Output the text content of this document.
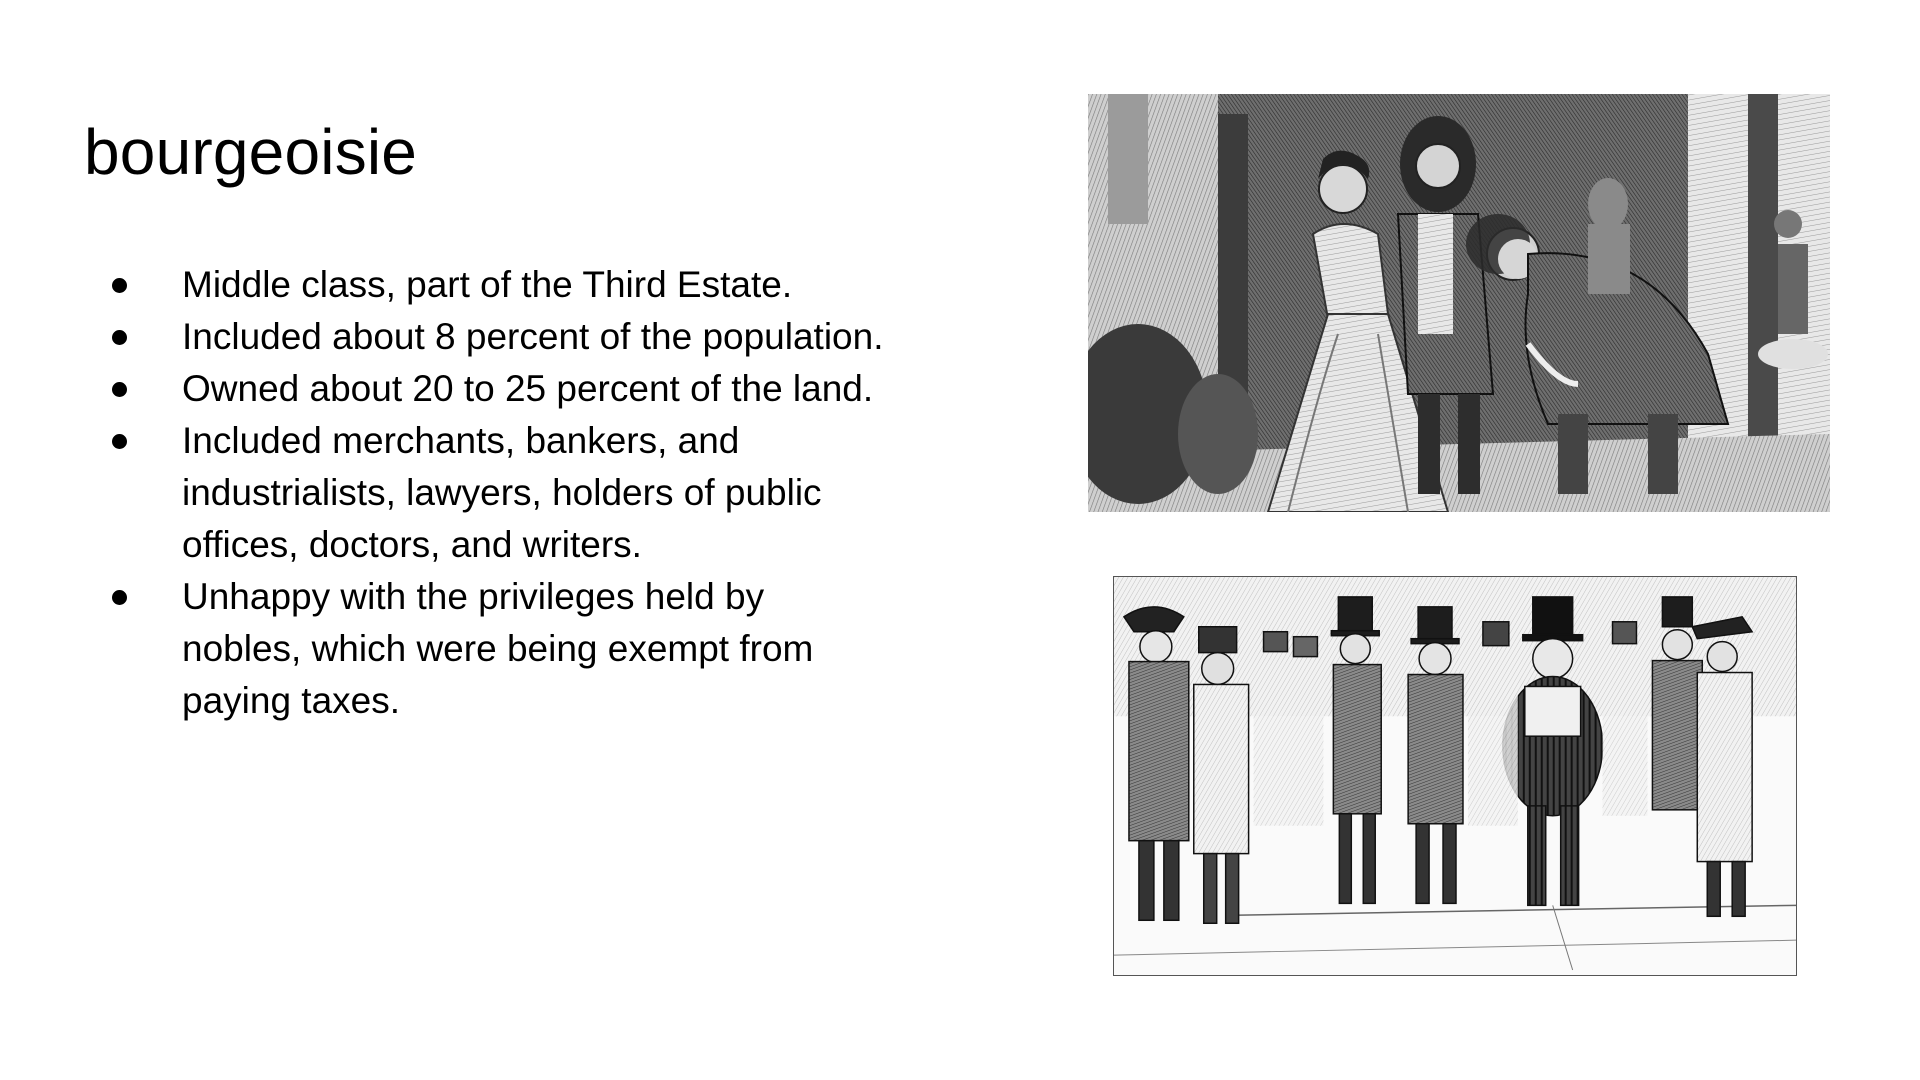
bourgeoisie
Middle class, part of the Third Estate.
Included about 8 percent of the population.
Owned about 20 to 25 percent of the land.
Included merchants, bankers, and
industrialists, lawyers, holders of public
offices, doctors, and writers.
Unhappy with the privileges held by
nobles, which were being exempt from
paying taxes.
